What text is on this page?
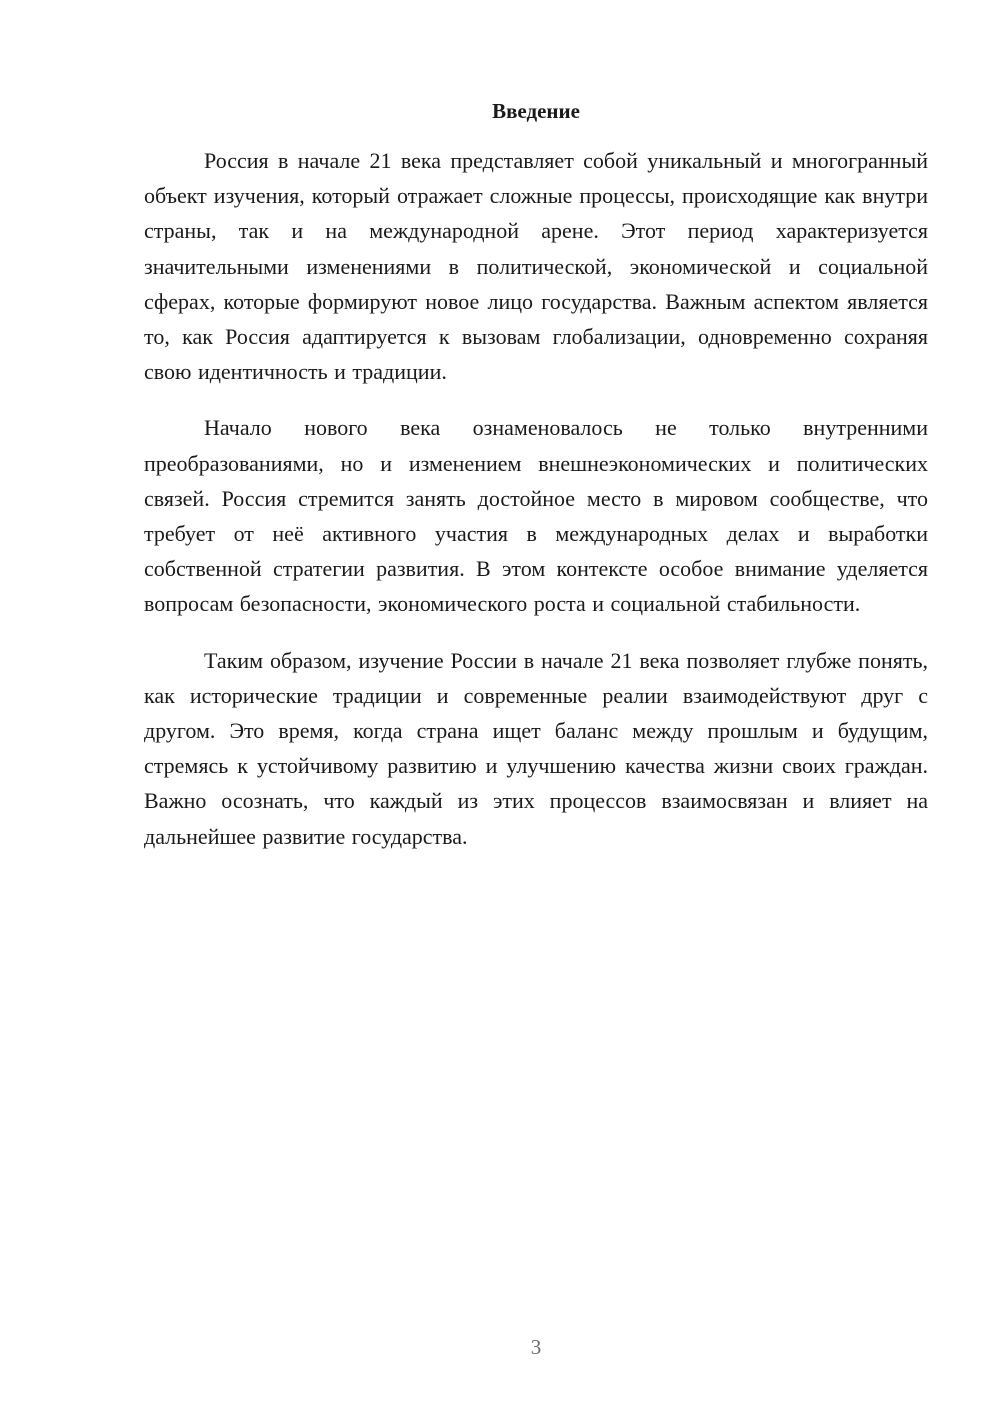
Введение

Россия в начале 21 века представляет собой уникальный и многогранный объект изучения, который отражает сложные процессы, происходящие как внутри страны, так и на международной арене. Этот период характеризуется значительными изменениями в политической, экономической и социальной сферах, которые формируют новое лицо государства. Важным аспектом является то, как Россия адаптируется к вызовам глобализации, одновременно сохраняя свою идентичность и традиции.

Начало нового века ознаменовалось не только внутренними преобразованиями, но и изменением внешнеэкономических и политических связей. Россия стремится занять достойное место в мировом сообществе, что требует от неё активного участия в международных делах и выработки собственной стратегии развития. В этом контексте особое внимание уделяется вопросам безопасности, экономического роста и социальной стабильности.

Таким образом, изучение России в начале 21 века позволяет глубже понять, как исторические традиции и современные реалии взаимодействуют друг с другом. Это время, когда страна ищет баланс между прошлым и будущим, стремясь к устойчивому развитию и улучшению качества жизни своих граждан. Важно осознать, что каждый из этих процессов взаимосвязан и влияет на дальнейшее развитие государства.

3
